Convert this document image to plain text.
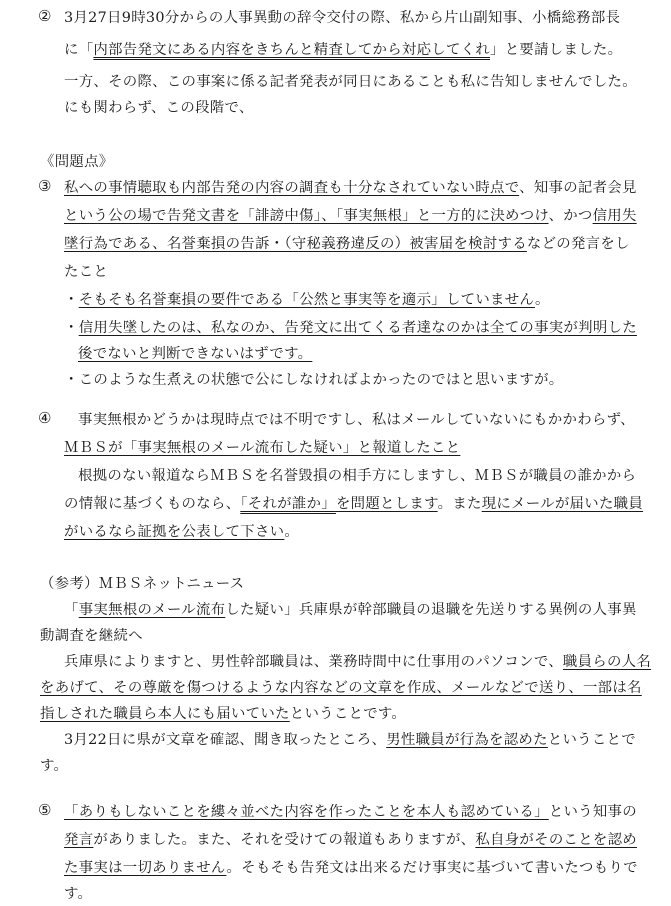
② 3月27日9時30分からの人事異動の辞令交付の際、私から片山副知事、小橋総務部長
に「内部告発文にある内容をきちんと精査してから対応してくれ」と要請しました。
一方、その際、この事案に係る記者発表が同日にあることも私に告知しませんでした。
にも関わらず、この段階で、
《問題点》
③ 私への事情聴取も内部告発の内容の調査も十分なされていない時点で、知事の記者会見
という公の場で告発文書を「誹謗中傷」、「事実無根」と一方的に決めつけ、かつ信用失
墜行為である、名誉棄損の告訴・（守秘義務違反の）被害届を検討するなどの発言をし
たこと
・そもそも名誉棄損の要件である「公然と事実等を適示」していません。
・信用失墜したのは、私なのか、告発文に出てくる者達なのかは全ての事実が判明した
後でないと判断できないはずです。
・このような生煮えの状態で公にしなければよかったのではと思いますが。
④ 事実無根かどうかは現時点では不明ですし、私はメールしていないにもかかわらず、
ＭＢＳが「事実無根のメール流布した疑い」と報道したこと
根拠のない報道ならＭＢＳを名誉毀損の相手方にしますし、ＭＢＳが職員の誰かから
の情報に基づくものなら、「それが誰か」を問題とします。また現にメールが届いた職員
がいるなら証拠を公表して下さい。
（参考）ＭＢＳネットニュース
「事実無根のメール流布した疑い」兵庫県が幹部職員の退職を先送りする異例の人事異
動調査を継続へ
兵庫県によりますと、男性幹部職員は、業務時間中に仕事用のパソコンで、職員らの人名
をあげて、その尊厳を傷つけるような内容などの文章を作成、メールなどで送り、一部は名
指しされた職員ら本人にも届いていたということです。
3月22日に県が文章を確認、聞き取ったところ、男性職員が行為を認めたということで
す。
⑤ 「ありもしないことを縷々並べた内容を作ったことを本人も認めている」という知事の
発言がありました。また、それを受けての報道もありますが、私自身がそのことを認め
た事実は一切ありません。そもそも告発文は出来るだけ事実に基づいて書いたつもりで
す。
